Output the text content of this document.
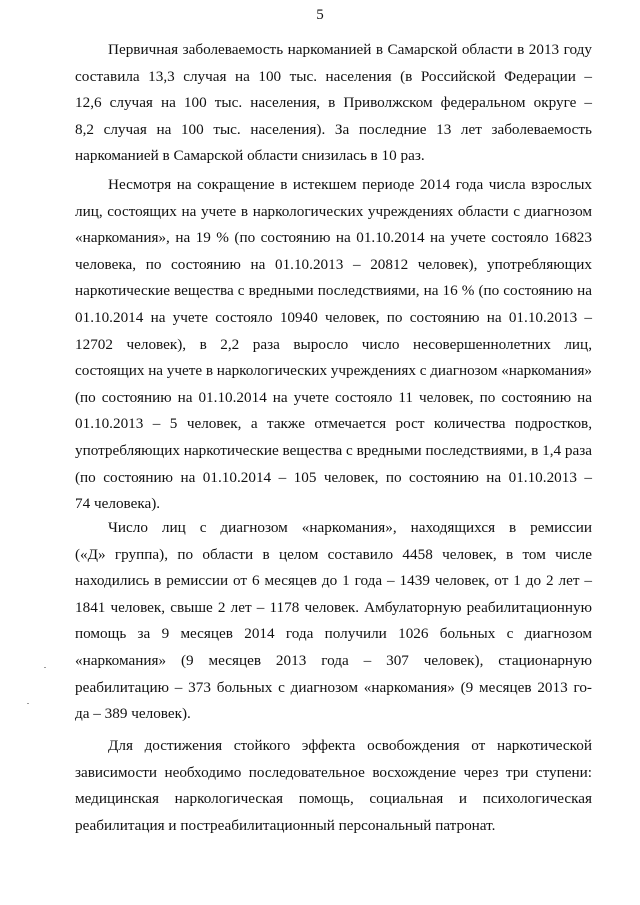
5
Первичная заболеваемость наркоманией в Самарской области в 2013 году
составила 13,3 случая на 100 тыс. населения (в Российской Федерации –
12,6 случая на 100 тыс. населения, в Приволжском федеральном округе –
8,2 случая на 100 тыс. населения). За последние 13 лет заболеваемость
наркоманией в Самарской области снизилась в 10 раз.
Несмотря на сокращение в истекшем периоде 2014 года числа взрослых
лиц, состоящих на учете в наркологических учреждениях области с диагнозом
«наркомания», на 19 % (по состоянию на 01.10.2014 на учете состояло 16823
человека, по состоянию на 01.10.2013 – 20812 человек), употребляющих
наркотические вещества с вредными последствиями, на 16 % (по состоянию на
01.10.2014 на учете состояло 10940 человек, по состоянию на 01.10.2013 –
12702 человек), в 2,2 раза выросло число несовершеннолетних лиц,
состоящих на учете в наркологических учреждениях с диагнозом «наркомания»
(по состоянию на 01.10.2014 на учете состояло 11 человек, по состоянию на
01.10.2013 – 5 человек, а также отмечается рост количества подростков,
употребляющих наркотические вещества с вредными последствиями, в 1,4 раза
(по состоянию на 01.10.2014 – 105 человек, по состоянию на 01.10.2013 –
74 человека).
Число лиц с диагнозом «наркомания», находящихся в ремиссии
(«Д» группа), по области в целом составило 4458 человек, в том числе
находились в ремиссии от 6 месяцев до 1 года – 1439 человек, от 1 до 2 лет –
1841 человек, свыше 2 лет – 1178 человек. Амбулаторную реабилитационную
помощь за 9 месяцев 2014 года получили 1026 больных с диагнозом
«наркомания» (9 месяцев 2013 года – 307 человек), стационарную
реабилитацию – 373 больных с диагнозом «наркомания» (9 месяцев 2013 го-
да – 389 человек).
Для достижения стойкого эффекта освобождения от наркотической
зависимости необходимо последовательное восхождение через три ступени:
медицинская наркологическая помощь, социальная и психологическая
реабилитация и постреабилитационный персональный патронат.
